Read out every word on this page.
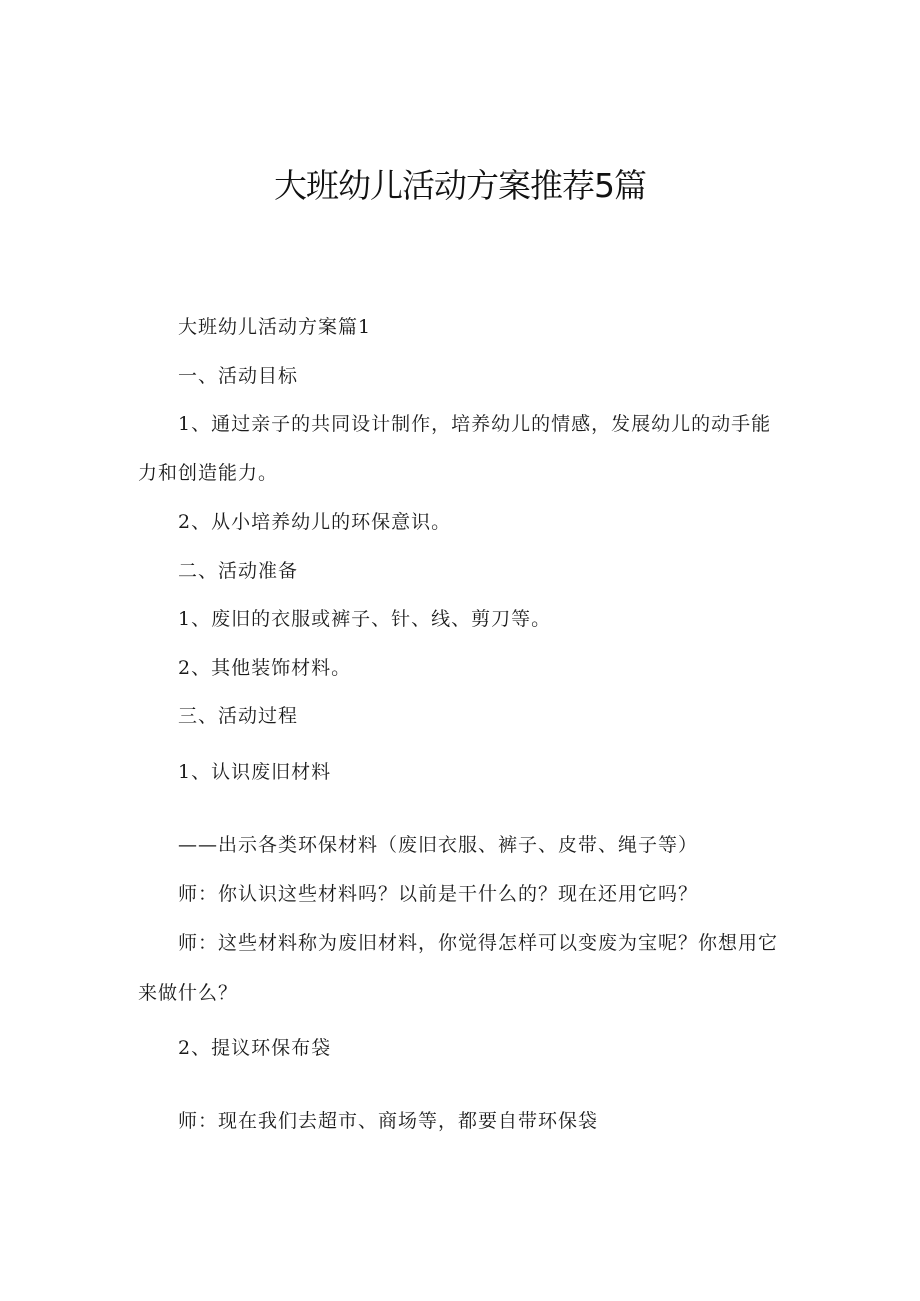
大班幼儿活动方案推荐5篇
大班幼儿活动方案篇1
一、活动目标
1、通过亲子的共同设计制作，培养幼儿的情感，发展幼儿的动手能
力和创造能力。
2、从小培养幼儿的环保意识。
二、活动准备
1、废旧的衣服或裤子、针、线、剪刀等。
2、其他装饰材料。
三、活动过程
1、认识废旧材料
——出示各类环保材料（废旧衣服、裤子、皮带、绳子等）
师：你认识这些材料吗？以前是干什么的？现在还用它吗？
师：这些材料称为废旧材料，你觉得怎样可以变废为宝呢？你想用它
来做什么？
2、提议环保布袋
师：现在我们去超市、商场等，都要自带环保袋
